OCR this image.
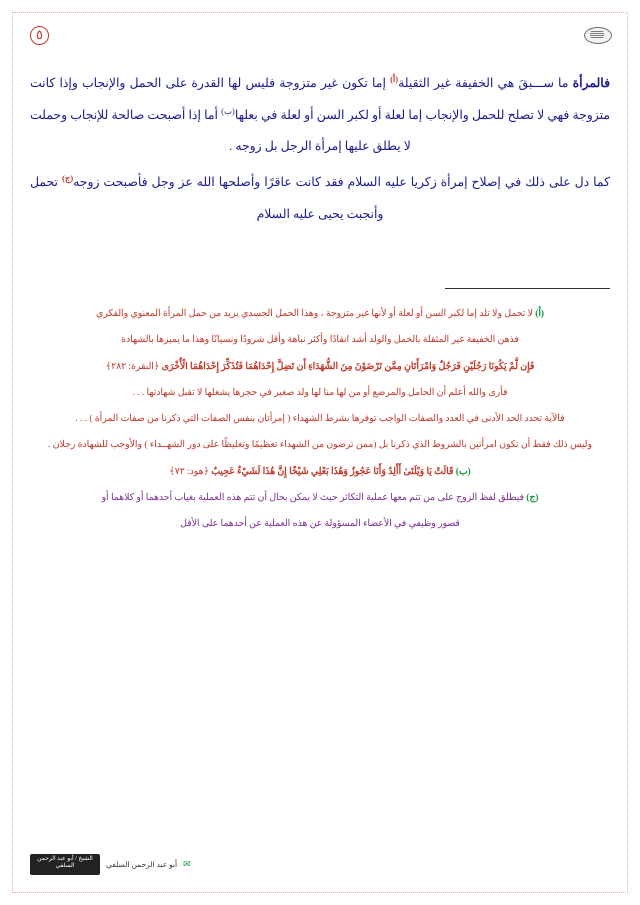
٥

فالمرأة ما ســـبقَ هي الخفيفة غير الثقيلة$^{(أ)}$ إما تكون غير متزوجة فليس لها القدرة على الحمل والإنجاب وإذا كانت متزوجة فهي لا تصلح للحمل والإنجاب إما لعلة أو لكبر السن أو لعلة في بعلها$^{(ب)}$ أما إذا أصبحت صالحة للإنجاب وحملت لا يطلق عليها إمرأة الرجل بل زوجه .

كما دل على ذلك في إصلاح إمرأة زكريا عليه السلام فقد كانت عاقرًا وأصلحها الله عز وجل فأصبحت زوجه$^{(ج)}$ تحمل وأنجبت يحيى عليه السلام

(أ) لا تحمل ولا تلد إما لكبر السن أو لعلة أو لأنها غير متزوجة ، وهذا الحمل الجسدي يزيد من حمل المرأة المعنوي والفكري
فذهن الخفيفة غير المثقلة بالحمل والولد أشد انقادًا وأكثر نباهة وأقل شرودًا ونسيانًا وهذا ما يميزها بالشهادة
فَإِن لَّمْ يَكُونَا رَجُلَيْنِ فَرَجُلٌ وَامْرَأَتَانِ مِمَّن تَرْضَوْنَ مِنَ الشُّهَدَاءِ أَن تَضِلَّ إِحْدَاهُمَا فَتُذَكِّرَ إِحْدَاهُمَا الْأُخْرَى ﴿البقرة: ٢٨٢﴾
فأرى والله أعلم أن الحامل والمرضع أو من لها منا لها ولد صغير في حجرها يشغلها لا تقبل شهادتها . . .
فالآية تحدد الحد الأدنى في العدد والصفات الواجب توفرها بشرط الشهداء ( إمرأتان بنفس الصفات التي ذكرنا من صفات المرأة ) . . .
وليس ذلك فقط أن تكون امرأتين بالشروط الذي ذكرنا بل (ممن ترضون من الشهداء تعظيمًا وتغليظًا على دور الشهــداء ) والأوجب للشهادة رجلان .
(ب) قَالَتْ يَا وَيْلَتَىٰ أَأَلِدُ وَأَنَا عَجُوزٌ وَهَٰذَا بَعْلِي شَيْخًا إِنَّ هَٰذَا لَشَيْءٌ عَجِيبٌ ﴿هود: ٧٢﴾
(ج) فيطلق لفظ الزوج على من تتم معها عملية التكاثر حيث لا يمكن بحال أن تتم هذه العملية بغياب أحدهما أو كلاهما أو
قصور وظيفي في الأعضاء المسؤولة عن هذه العملية عن أحدهما على الأقل
الشيخ / أبو عبد الرحمن السلفي	أبو عبد الرحمن السلفي ✉
